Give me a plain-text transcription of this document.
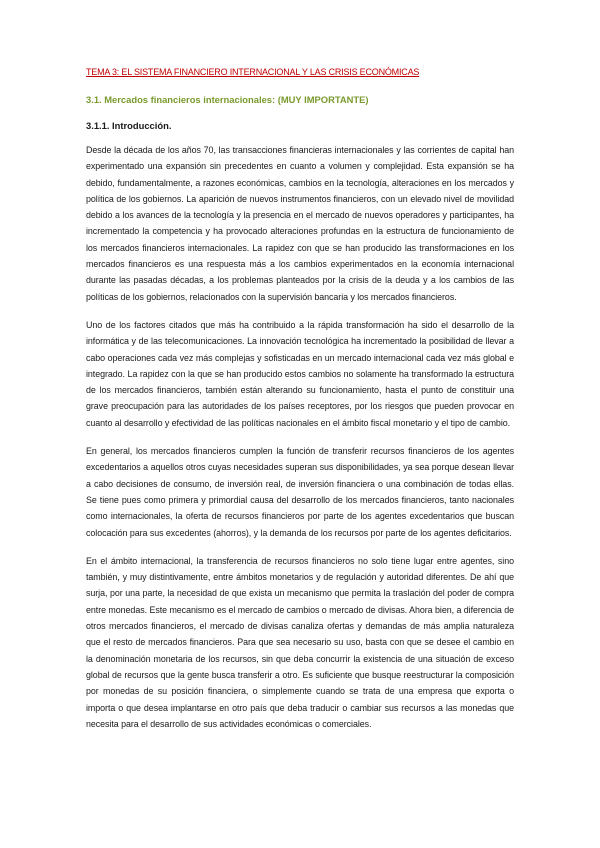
TEMA 3: EL SISTEMA FINANCIERO INTERNACIONAL Y LAS CRISIS ECONÓMICAS
3.1. Mercados financieros internacionales: (MUY IMPORTANTE)
3.1.1. Introducción.

Desde la década de los años 70, las transacciones financieras internacionales y las corrientes de capital han experimentado una expansión sin precedentes en cuanto a volumen y complejidad. Esta expansión se ha debido, fundamentalmente, a razones económicas, cambios en la tecnología, alteraciones en los mercados y política de los gobiernos. La aparición de nuevos instrumentos financieros, con un elevado nivel de movilidad debido a los avances de la tecnología y la presencia en el mercado de nuevos operadores y participantes, ha incrementado la competencia y ha provocado alteraciones profundas en la estructura de funcionamiento de los mercados financieros internacionales. La rapidez con que se han producido las transformaciones en los mercados financieros es una respuesta más a los cambios experimentados en la economía internacional durante las pasadas décadas, a los problemas planteados por la crisis de la deuda y a los cambios de las políticas de los gobiernos, relacionados con la supervisión bancaria y los mercados financieros.

Uno de los factores citados que más ha contribuido a la rápida transformación ha sido el desarrollo de la informática y de las telecomunicaciones. La innovación tecnológica ha incrementado la posibilidad de llevar a cabo operaciones cada vez más complejas y sofisticadas en un mercado internacional cada vez más global e integrado. La rapidez con la que se han producido estos cambios no solamente ha transformado la estructura de los mercados financieros, también están alterando su funcionamiento, hasta el punto de constituir una grave preocupación para las autoridades de los países receptores, por los riesgos que pueden provocar en cuanto al desarrollo y efectividad de las políticas nacionales en el ámbito fiscal monetario y el tipo de cambio.

En general, los mercados financieros cumplen la función de transferir recursos financieros de los agentes excedentarios a aquellos otros cuyas necesidades superan sus disponibilidades, ya sea porque desean llevar a cabo decisiones de consumo, de inversión real, de inversión financiera o una combinación de todas ellas. Se tiene pues como primera y primordial causa del desarrollo de los mercados financieros, tanto nacionales como internacionales, la oferta de recursos financieros por parte de los agentes excedentarios que buscan colocación para sus excedentes (ahorros), y la demanda de los recursos por parte de los agentes deficitarios.

En el ámbito internacional, la transferencia de recursos financieros no solo tiene lugar entre agentes, sino también, y muy distintivamente, entre ámbitos monetarios y de regulación y autoridad diferentes. De ahí que surja, por una parte, la necesidad de que exista un mecanismo que permita la traslación del poder de compra entre monedas. Este mecanismo es el mercado de cambios o mercado de divisas. Ahora bien, a diferencia de otros mercados financieros, el mercado de divisas canaliza ofertas y demandas de más amplia naturaleza que el resto de mercados financieros. Para que sea necesario su uso, basta con que se desee el cambio en la denominación monetaria de los recursos, sin que deba concurrir la existencia de una situación de exceso global de recursos que la gente busca transferir a otro. Es suficiente que busque reestructurar la composición por monedas de su posición financiera, o simplemente cuando se trata de una empresa que exporta o importa o que desea implantarse en otro país que deba traducir o cambiar sus recursos a las monedas que necesita para el desarrollo de sus actividades económicas o comerciales.
